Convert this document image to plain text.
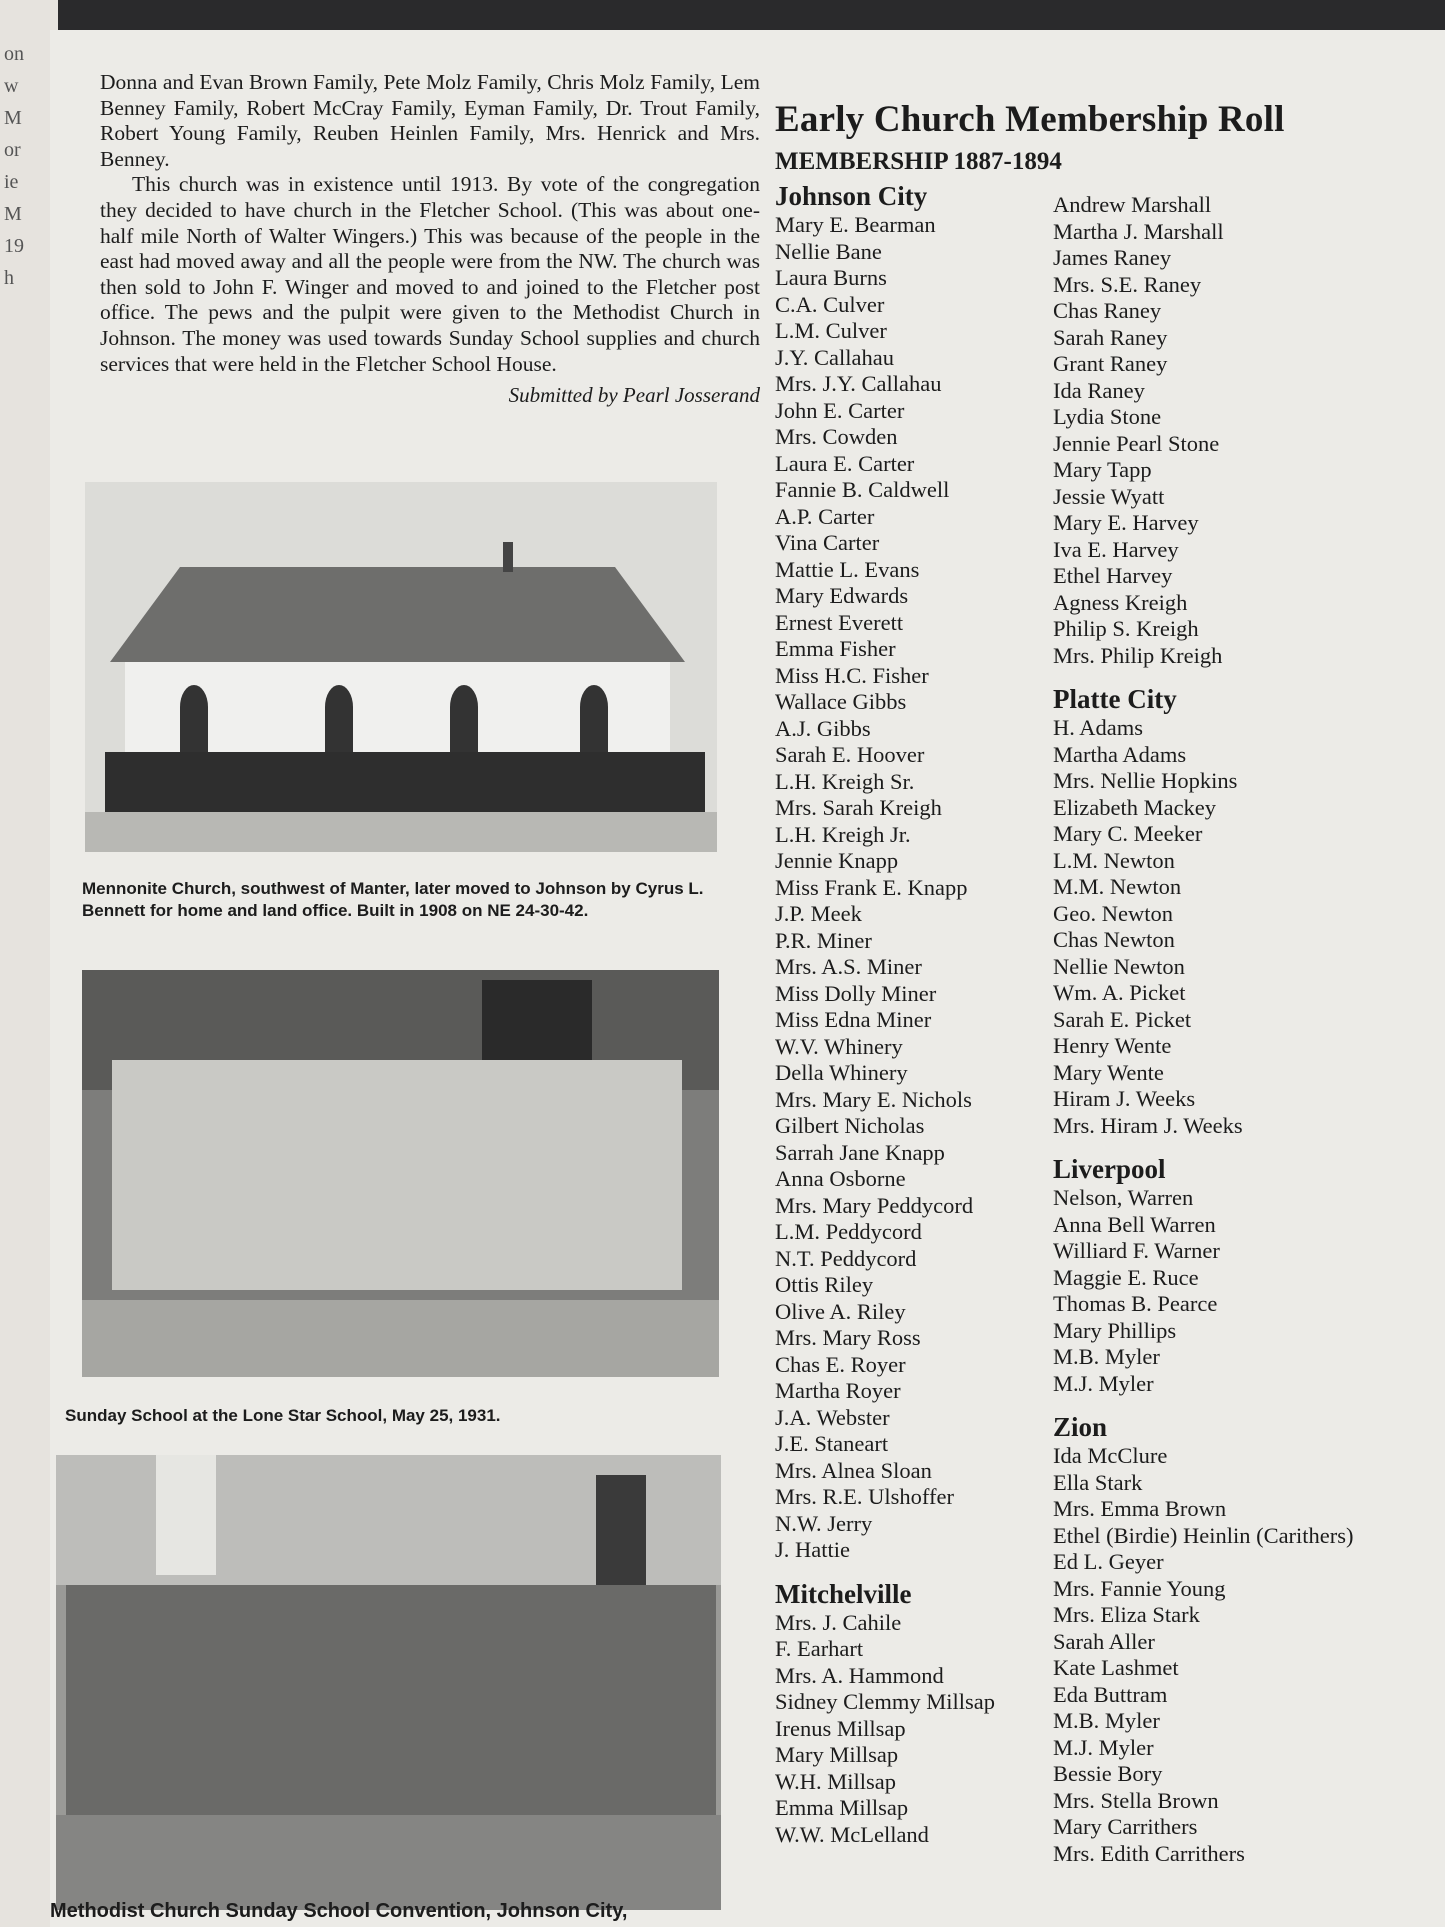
on
w
M
or
ie
M
19
h

Donna and Evan Brown Family, Pete Molz Family, Chris Molz Family, Lem Benney Family, Robert McCray Family, Eyman Family, Dr. Trout Family, Robert Young Family, Reuben Heinlen Family, Mrs. Henrick and Mrs. Benney.

This church was in existence until 1913. By vote of the congregation they decided to have church in the Fletcher School. (This was about one-half mile North of Walter Wingers.) This was because of the people in the east had moved away and all the people were from the NW. The church was then sold to John F. Winger and moved to and joined to the Fletcher post office. The pews and the pulpit were given to the Methodist Church in Johnson. The money was used towards Sunday School supplies and church services that were held in the Fletcher School House.

Submitted by Pearl Josserand
Mennonite Church, southwest of Manter, later moved to Johnson by Cyrus L. Bennett for home and land office. Built in 1908 on NE 24-30-42.
Sunday School at the Lone Star School, May 25, 1931.
Methodist Church Sunday School Convention, Johnson City,
Early Church Membership Roll
MEMBERSHIP 1887-1894
Johnson City
Mary E. Bearman
Nellie Bane
Laura Burns
C.A. Culver
L.M. Culver
J.Y. Callahau
Mrs. J.Y. Callahau
John E. Carter
Mrs. Cowden
Laura E. Carter
Fannie B. Caldwell
A.P. Carter
Vina Carter
Mattie L. Evans
Mary Edwards
Ernest Everett
Emma Fisher
Miss H.C. Fisher
Wallace Gibbs
A.J. Gibbs
Sarah E. Hoover
L.H. Kreigh Sr.
Mrs. Sarah Kreigh
L.H. Kreigh Jr.
Jennie Knapp
Miss Frank E. Knapp
J.P. Meek
P.R. Miner
Mrs. A.S. Miner
Miss Dolly Miner
Miss Edna Miner
W.V. Whinery
Della Whinery
Mrs. Mary E. Nichols
Gilbert Nicholas
Sarrah Jane Knapp
Anna Osborne
Mrs. Mary Peddycord
L.M. Peddycord
N.T. Peddycord
Ottis Riley
Olive A. Riley
Mrs. Mary Ross
Chas E. Royer
Martha Royer
J.A. Webster
J.E. Staneart
Mrs. Alnea Sloan
Mrs. R.E. Ulshoffer
N.W. Jerry
J. Hattie
Mitchelville
Mrs. J. Cahile
F. Earhart
Mrs. A. Hammond
Sidney Clemmy Millsap
Irenus Millsap
Mary Millsap
W.H. Millsap
Emma Millsap
W.W. McLelland
Andrew Marshall
Martha J. Marshall
James Raney
Mrs. S.E. Raney
Chas Raney
Sarah Raney
Grant Raney
Ida Raney
Lydia Stone
Jennie Pearl Stone
Mary Tapp
Jessie Wyatt
Mary E. Harvey
Iva E. Harvey
Ethel Harvey
Agness Kreigh
Philip S. Kreigh
Mrs. Philip Kreigh
Platte City
H. Adams
Martha Adams
Mrs. Nellie Hopkins
Elizabeth Mackey
Mary C. Meeker
L.M. Newton
M.M. Newton
Geo. Newton
Chas Newton
Nellie Newton
Wm. A. Picket
Sarah E. Picket
Henry Wente
Mary Wente
Hiram J. Weeks
Mrs. Hiram J. Weeks
Liverpool
Nelson, Warren
Anna Bell Warren
Williard F. Warner
Maggie E. Ruce
Thomas B. Pearce
Mary Phillips
M.B. Myler
M.J. Myler
Zion
Ida McClure
Ella Stark
Mrs. Emma Brown
Ethel (Birdie) Heinlin (Carithers)
Ed L. Geyer
Mrs. Fannie Young
Mrs. Eliza Stark
Sarah Aller
Kate Lashmet
Eda Buttram
M.B. Myler
M.J. Myler
Bessie Bory
Mrs. Stella Brown
Mary Carrithers
Mrs. Edith Carrithers
